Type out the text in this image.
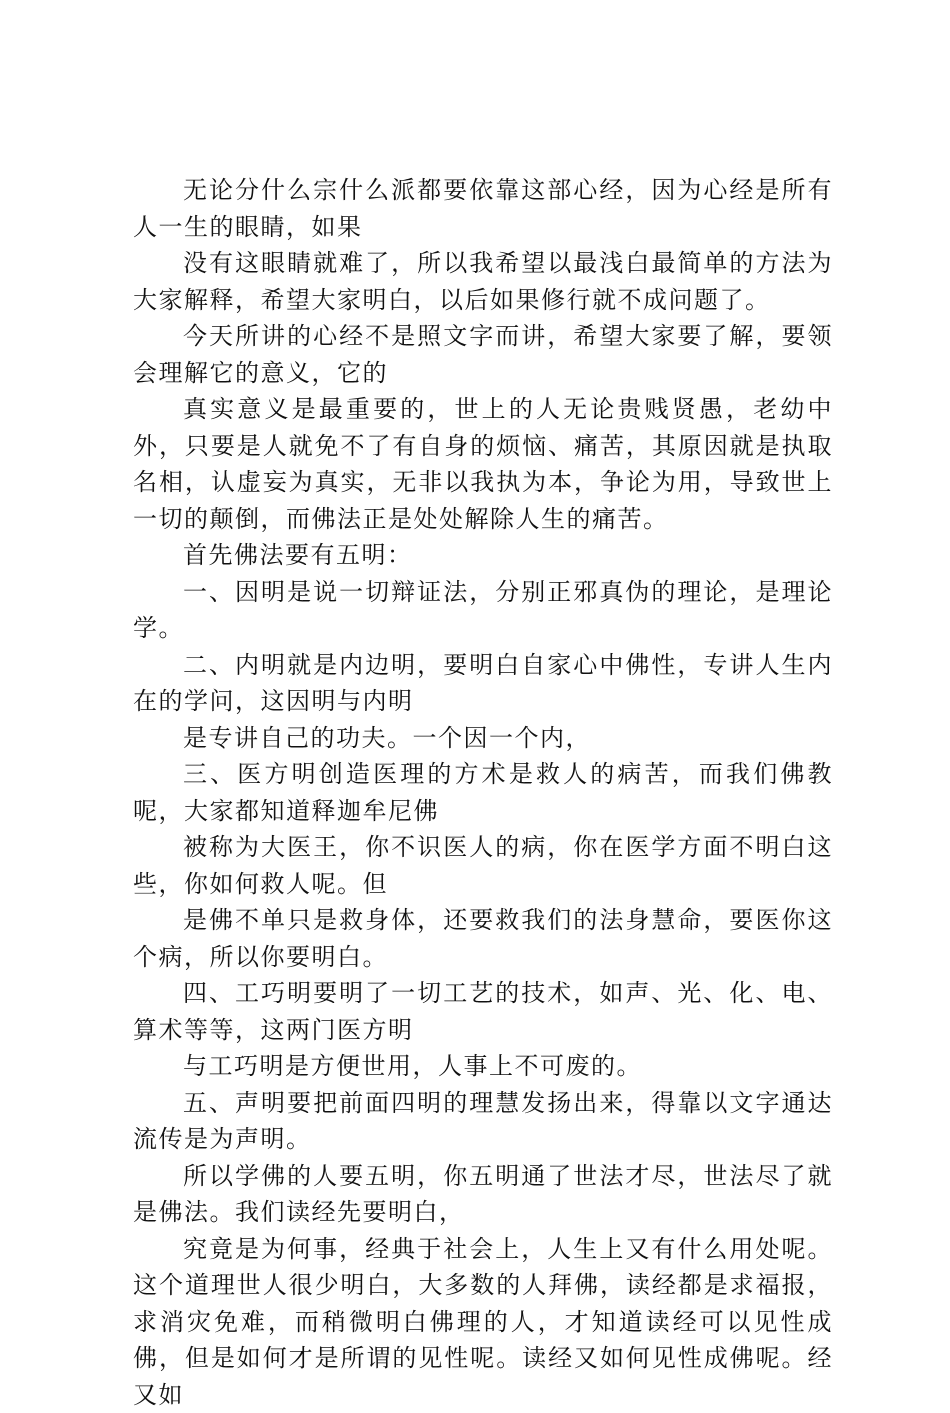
无论分什么宗什么派都要依靠这部心经，因为心经是所有人一生的眼睛，如果

没有这眼睛就难了，所以我希望以最浅白最简单的方法为大家解释，希望大家明白，以后如果修行就不成问题了。

今天所讲的心经不是照文字而讲，希望大家要了解，要领会理解它的意义，它的

真实意义是最重要的，世上的人无论贵贱贤愚，老幼中外，只要是人就免不了有自身的烦恼、痛苦，其原因就是执取名相，认虚妄为真实，无非以我执为本，争论为用，导致世上一切的颠倒，而佛法正是处处解除人生的痛苦。

首先佛法要有五明：

一、因明是说一切辩证法，分别正邪真伪的理论，是理论学。

二、内明就是内边明，要明白自家心中佛性，专讲人生内在的学问，这因明与内明

是专讲自己的功夫。一个因一个内，

三、医方明创造医理的方术是救人的病苦，而我们佛教呢，大家都知道释迦牟尼佛

被称为大医王，你不识医人的病，你在医学方面不明白这些，你如何救人呢。但

是佛不单只是救身体，还要救我们的法身慧命，要医你这个病，所以你要明白。

四、工巧明要明了一切工艺的技术，如声、光、化、电、算术等等，这两门医方明

与工巧明是方便世用，人事上不可废的。

五、声明要把前面四明的理慧发扬出来，得靠以文字通达流传是为声明。

所以学佛的人要五明，你五明通了世法才尽，世法尽了就是佛法。我们读经先要明白，

究竟是为何事，经典于社会上，人生上又有什么用处呢。这个道理世人很少明白，大多数的人拜佛，读经都是求福报，求消灾免难，而稍微明白佛理的人，才知道读经可以见性成佛，但是如何才是所谓的见性呢。读经又如何见性成佛呢。经又如
